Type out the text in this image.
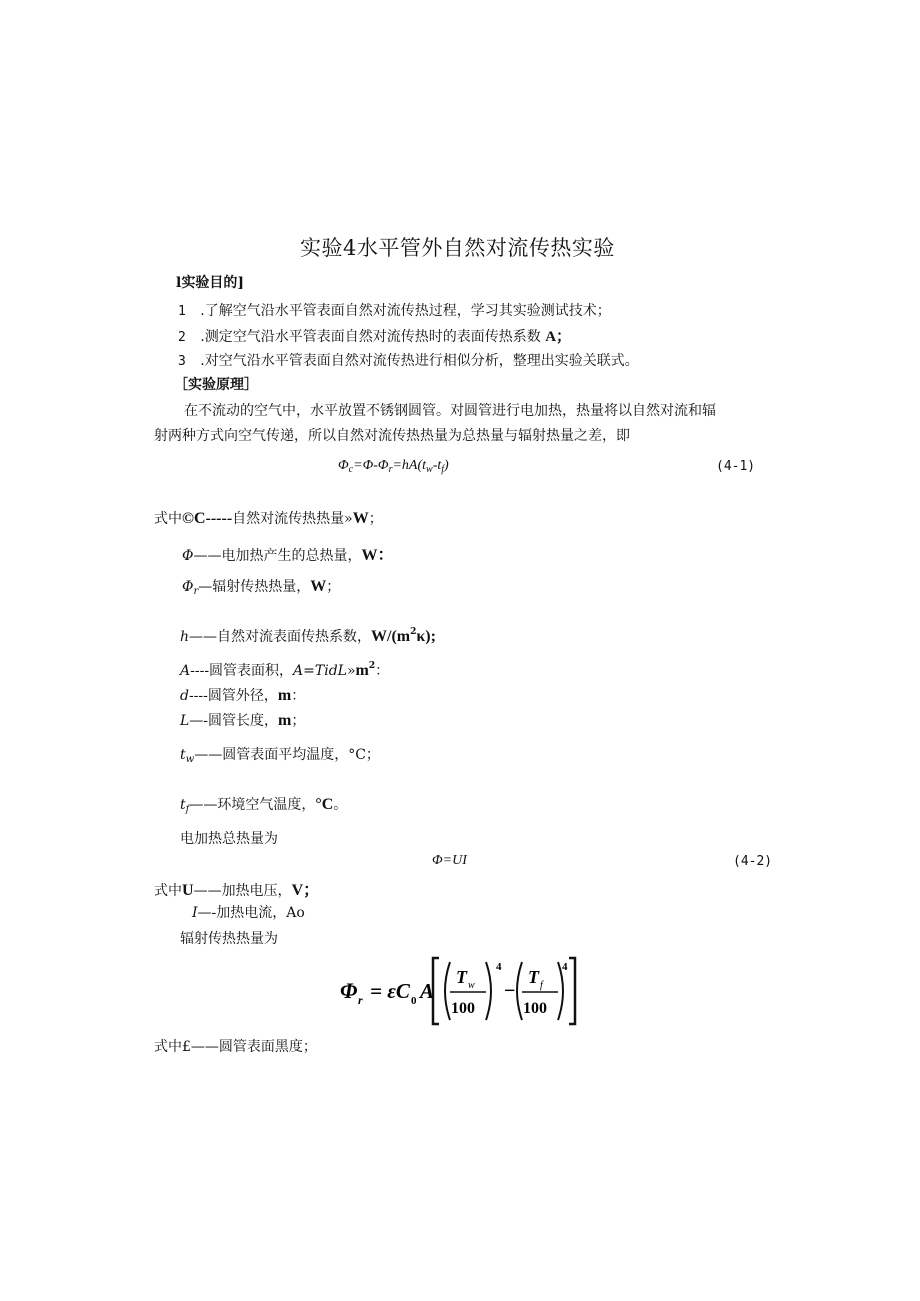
实验4水平管外自然对流传热实验
l实验目的]
1 .了解空气沿水平管表面自然对流传热过程，学习其实验测试技术；
2 .测定空气沿水平管表面自然对流传热时的表面传热系数 A；
3 .对空气沿水平管表面自然对流传热进行相似分析，整理出实验关联式。
［实验原理］
在不流动的空气中，水平放置不锈钢圆管。对圆管进行电加热，热量将以自然对流和辐
射两种方式向空气传递，所以自然对流传热热量为总热量与辐射热量之差，即
$\Phi_c=\Phi-\Phi_r=hA(t_w-t_f)$	(4-1)
式中©C-----自然对流传热热量»W；
Φ——电加热产生的总热量，W：
$\Phi_r—$辐射传热热量，W；
h——自然对流表面传热系数，$W/(m^2\kappa)$;
A----圆管表面积，$A=TidL»m^2$：
d----圆管外径，m：
L—-圆管长度，m；
$t_w——$圆管表面平均温度，°C；
$t_f——$环境空气温度，°C。
电加热总热量为
Φ=UI	(4-2)
式中U——加热电压，V；
I—-加热电流，Ao
辐射传热热量为
Φ r = εC 0 A
T w
100
4
−
T f
100
4
式中£——圆管表面黑度；
